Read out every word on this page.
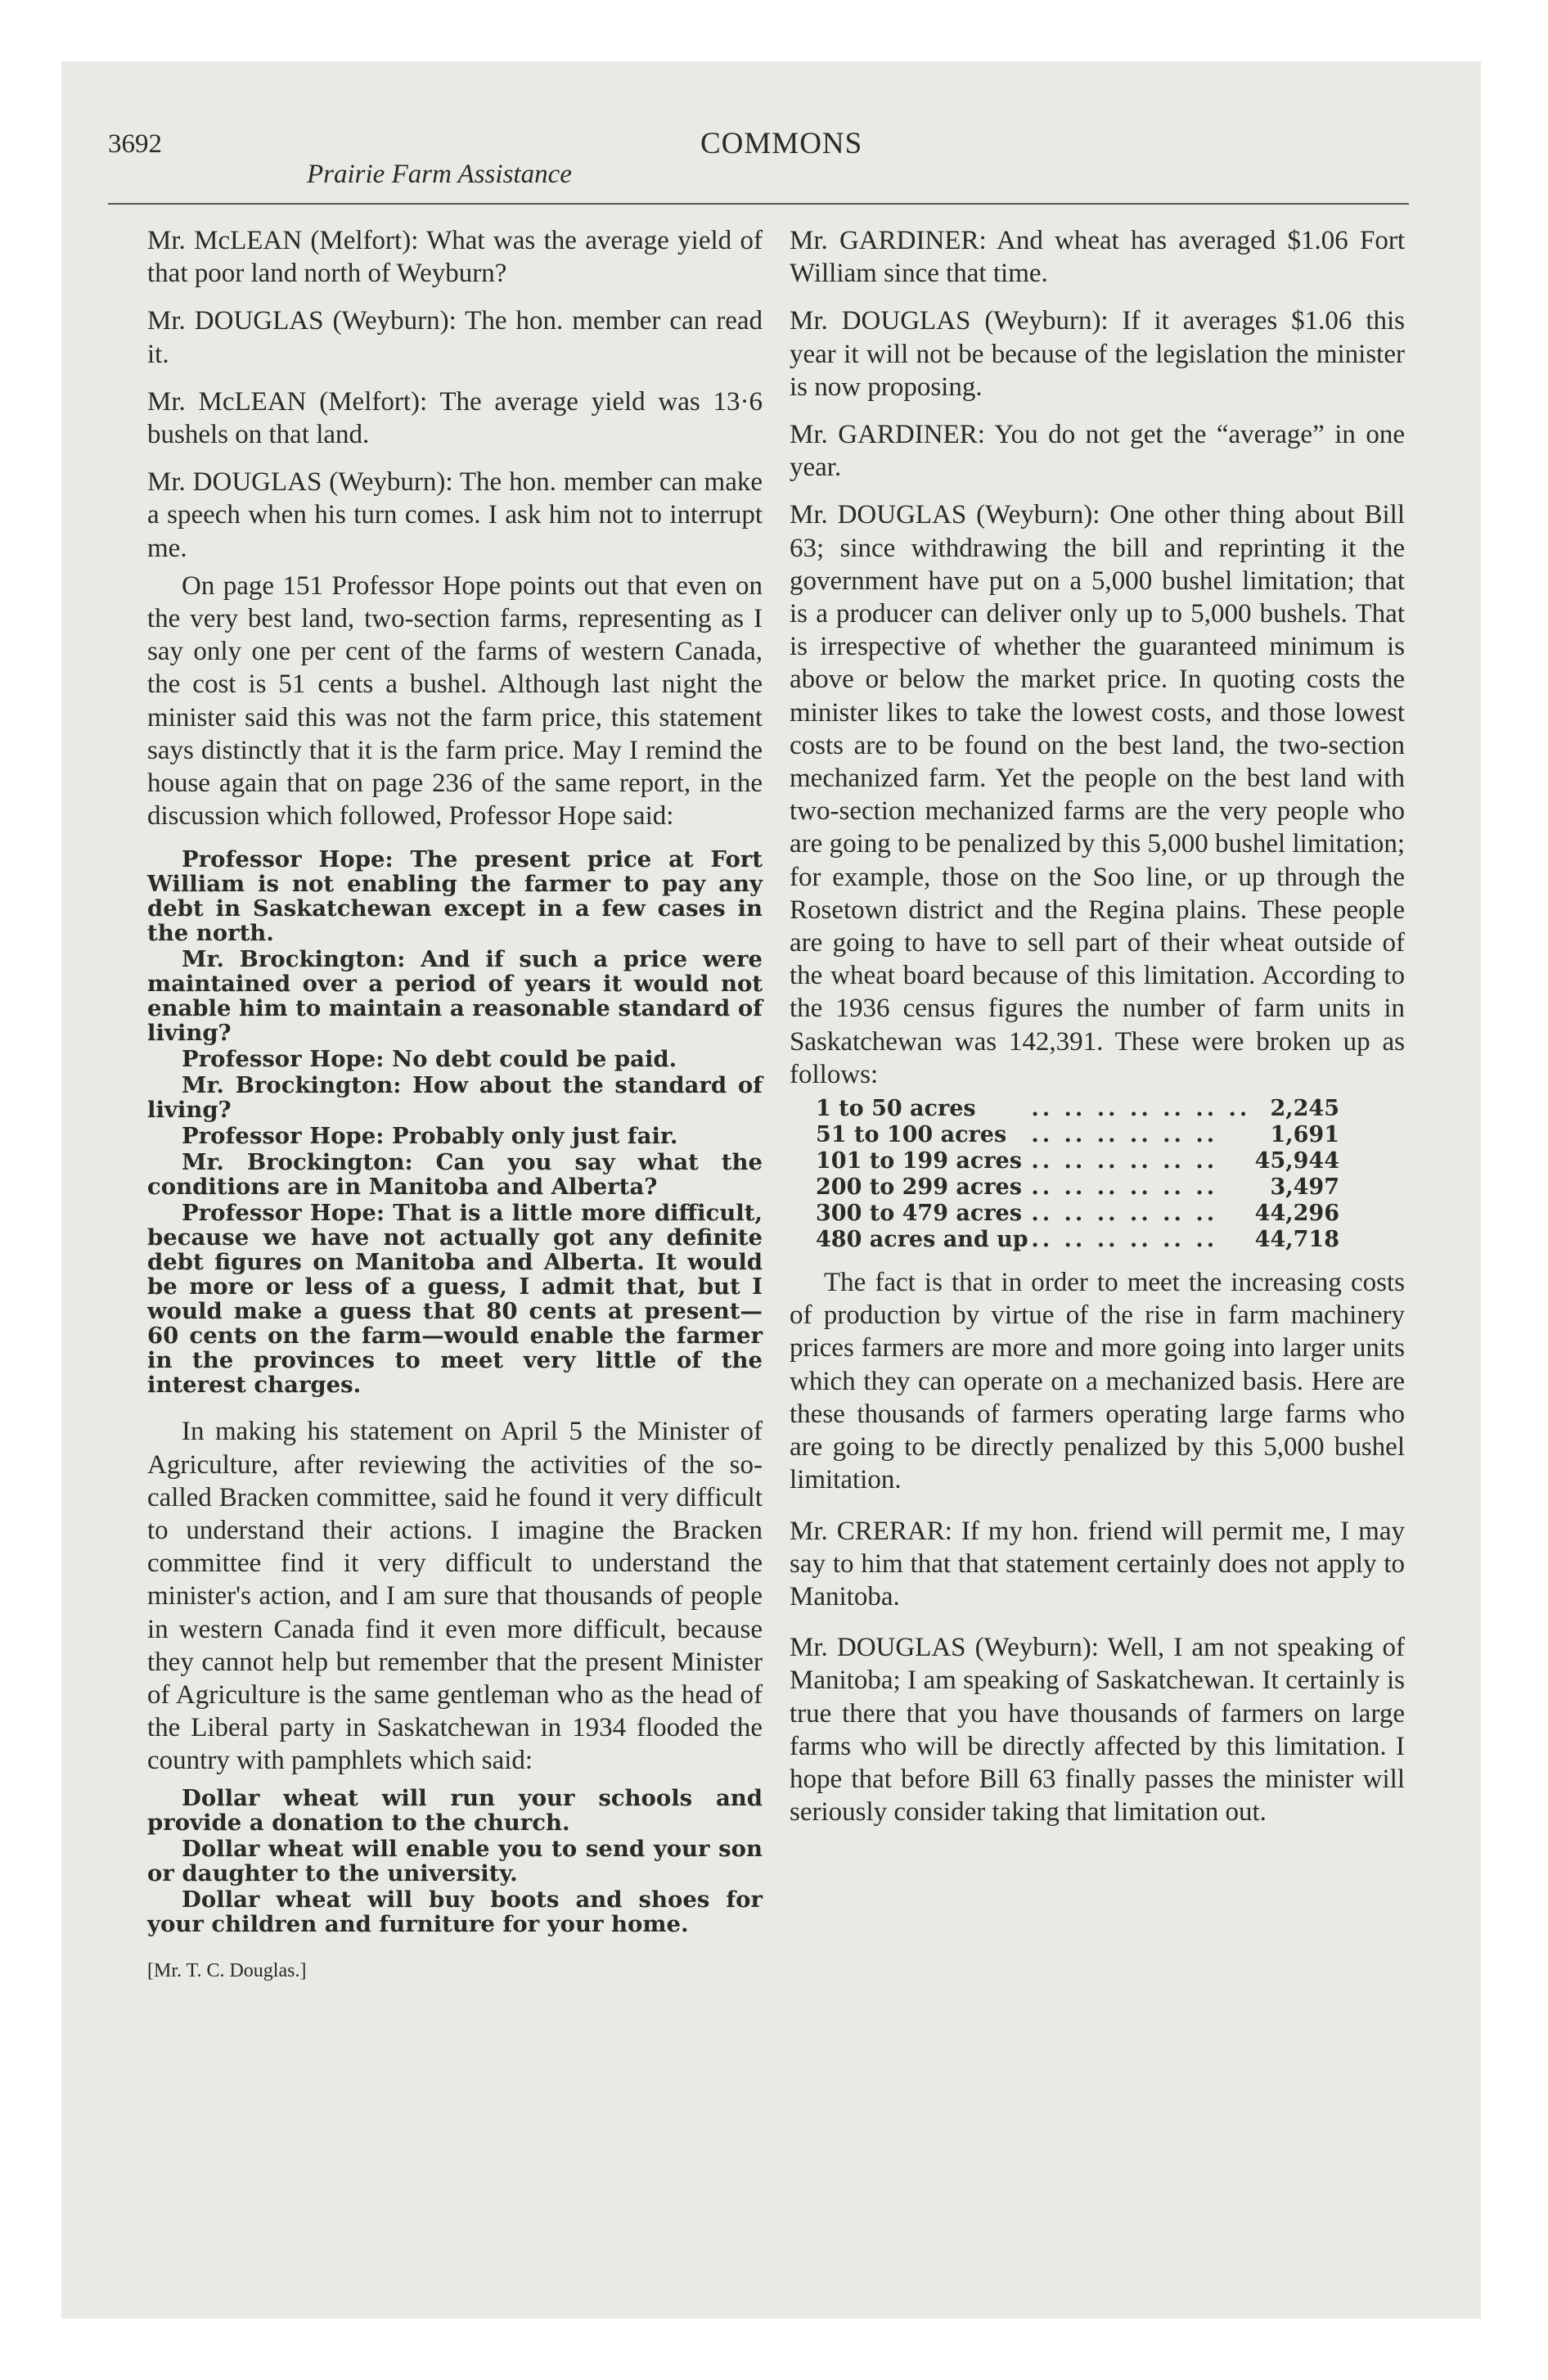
3692	COMMONS
Prairie Farm Assistance

Mr. McLEAN (Melfort): What was the average yield of that poor land north of Weyburn?

Mr. DOUGLAS (Weyburn): The hon. member can read it.

Mr. McLEAN (Melfort): The average yield was 13·6 bushels on that land.

Mr. DOUGLAS (Weyburn): The hon. member can make a speech when his turn comes. I ask him not to interrupt me.

On page 151 Professor Hope points out that even on the very best land, two-section farms, representing as I say only one per cent of the farms of western Canada, the cost is 51 cents a bushel. Although last night the minister said this was not the farm price, this statement says distinctly that it is the farm price. May I remind the house again that on page 236 of the same report, in the discussion which followed, Professor Hope said:

Professor Hope: The present price at Fort William is not enabling the farmer to pay any debt in Saskatchewan except in a few cases in the north.

Mr. Brockington: And if such a price were maintained over a period of years it would not enable him to maintain a reasonable standard of living?

Professor Hope: No debt could be paid.

Mr. Brockington: How about the standard of living?

Professor Hope: Probably only just fair.

Mr. Brockington: Can you say what the conditions are in Manitoba and Alberta?

Professor Hope: That is a little more difficult, because we have not actually got any definite debt figures on Manitoba and Alberta. It would be more or less of a guess, I admit that, but I would make a guess that 80 cents at present—60 cents on the farm—would enable the farmer in the provinces to meet very little of the interest charges.

In making his statement on April 5 the Minister of Agriculture, after reviewing the activities of the so-called Bracken committee, said he found it very difficult to understand their actions. I imagine the Bracken committee find it very difficult to understand the minister's action, and I am sure that thousands of people in western Canada find it even more difficult, because they cannot help but remember that the present Minister of Agriculture is the same gentleman who as the head of the Liberal party in Saskatchewan in 1934 flooded the country with pamphlets which said:

Dollar wheat will run your schools and provide a donation to the church.

Dollar wheat will enable you to send your son or daughter to the university.

Dollar wheat will buy boots and shoes for your children and furniture for your home.

[Mr. T. C. Douglas.]

Mr. GARDINER: And wheat has averaged $1.06 Fort William since that time.

Mr. DOUGLAS (Weyburn): If it averages $1.06 this year it will not be because of the legislation the minister is now proposing.

Mr. GARDINER: You do not get the “average” in one year.

Mr. DOUGLAS (Weyburn): One other thing about Bill 63; since withdrawing the bill and reprinting it the government have put on a 5,000 bushel limitation; that is a producer can deliver only up to 5,000 bushels. That is irrespective of whether the guaranteed minimum is above or below the market price. In quoting costs the minister likes to take the lowest costs, and those lowest costs are to be found on the best land, the two-section mechanized farm. Yet the people on the best land with two-section mechanized farms are the very people who are going to be penalized by this 5,000 bushel limitation; for example, those on the Soo line, or up through the Rosetown district and the Regina plains. These people are going to have to sell part of their wheat outside of the wheat board because of this limitation. According to the 1936 census figures the number of farm units in Saskatchewan was 142,391. These were broken up as follows:

1 to 50 acres	.. .. .. .. .. .. ..	2,245
51 to 100 acres	.. .. .. .. .. ..	1,691
101 to 199 acres	.. .. .. .. .. ..	45,944
200 to 299 acres	.. .. .. .. .. ..	3,497
300 to 479 acres	.. .. .. .. .. ..	44,296
480 acres and up	.. .. .. .. .. ..	44,718

The fact is that in order to meet the increasing costs of production by virtue of the rise in farm machinery prices farmers are more and more going into larger units which they can operate on a mechanized basis. Here are these thousands of farmers operating large farms who are going to be directly penalized by this 5,000 bushel limitation.

Mr. CRERAR: If my hon. friend will permit me, I may say to him that that statement certainly does not apply to Manitoba.

Mr. DOUGLAS (Weyburn): Well, I am not speaking of Manitoba; I am speaking of Saskatchewan. It certainly is true there that you have thousands of farmers on large farms who will be directly affected by this limitation. I hope that before Bill 63 finally passes the minister will seriously consider taking that limitation out.
